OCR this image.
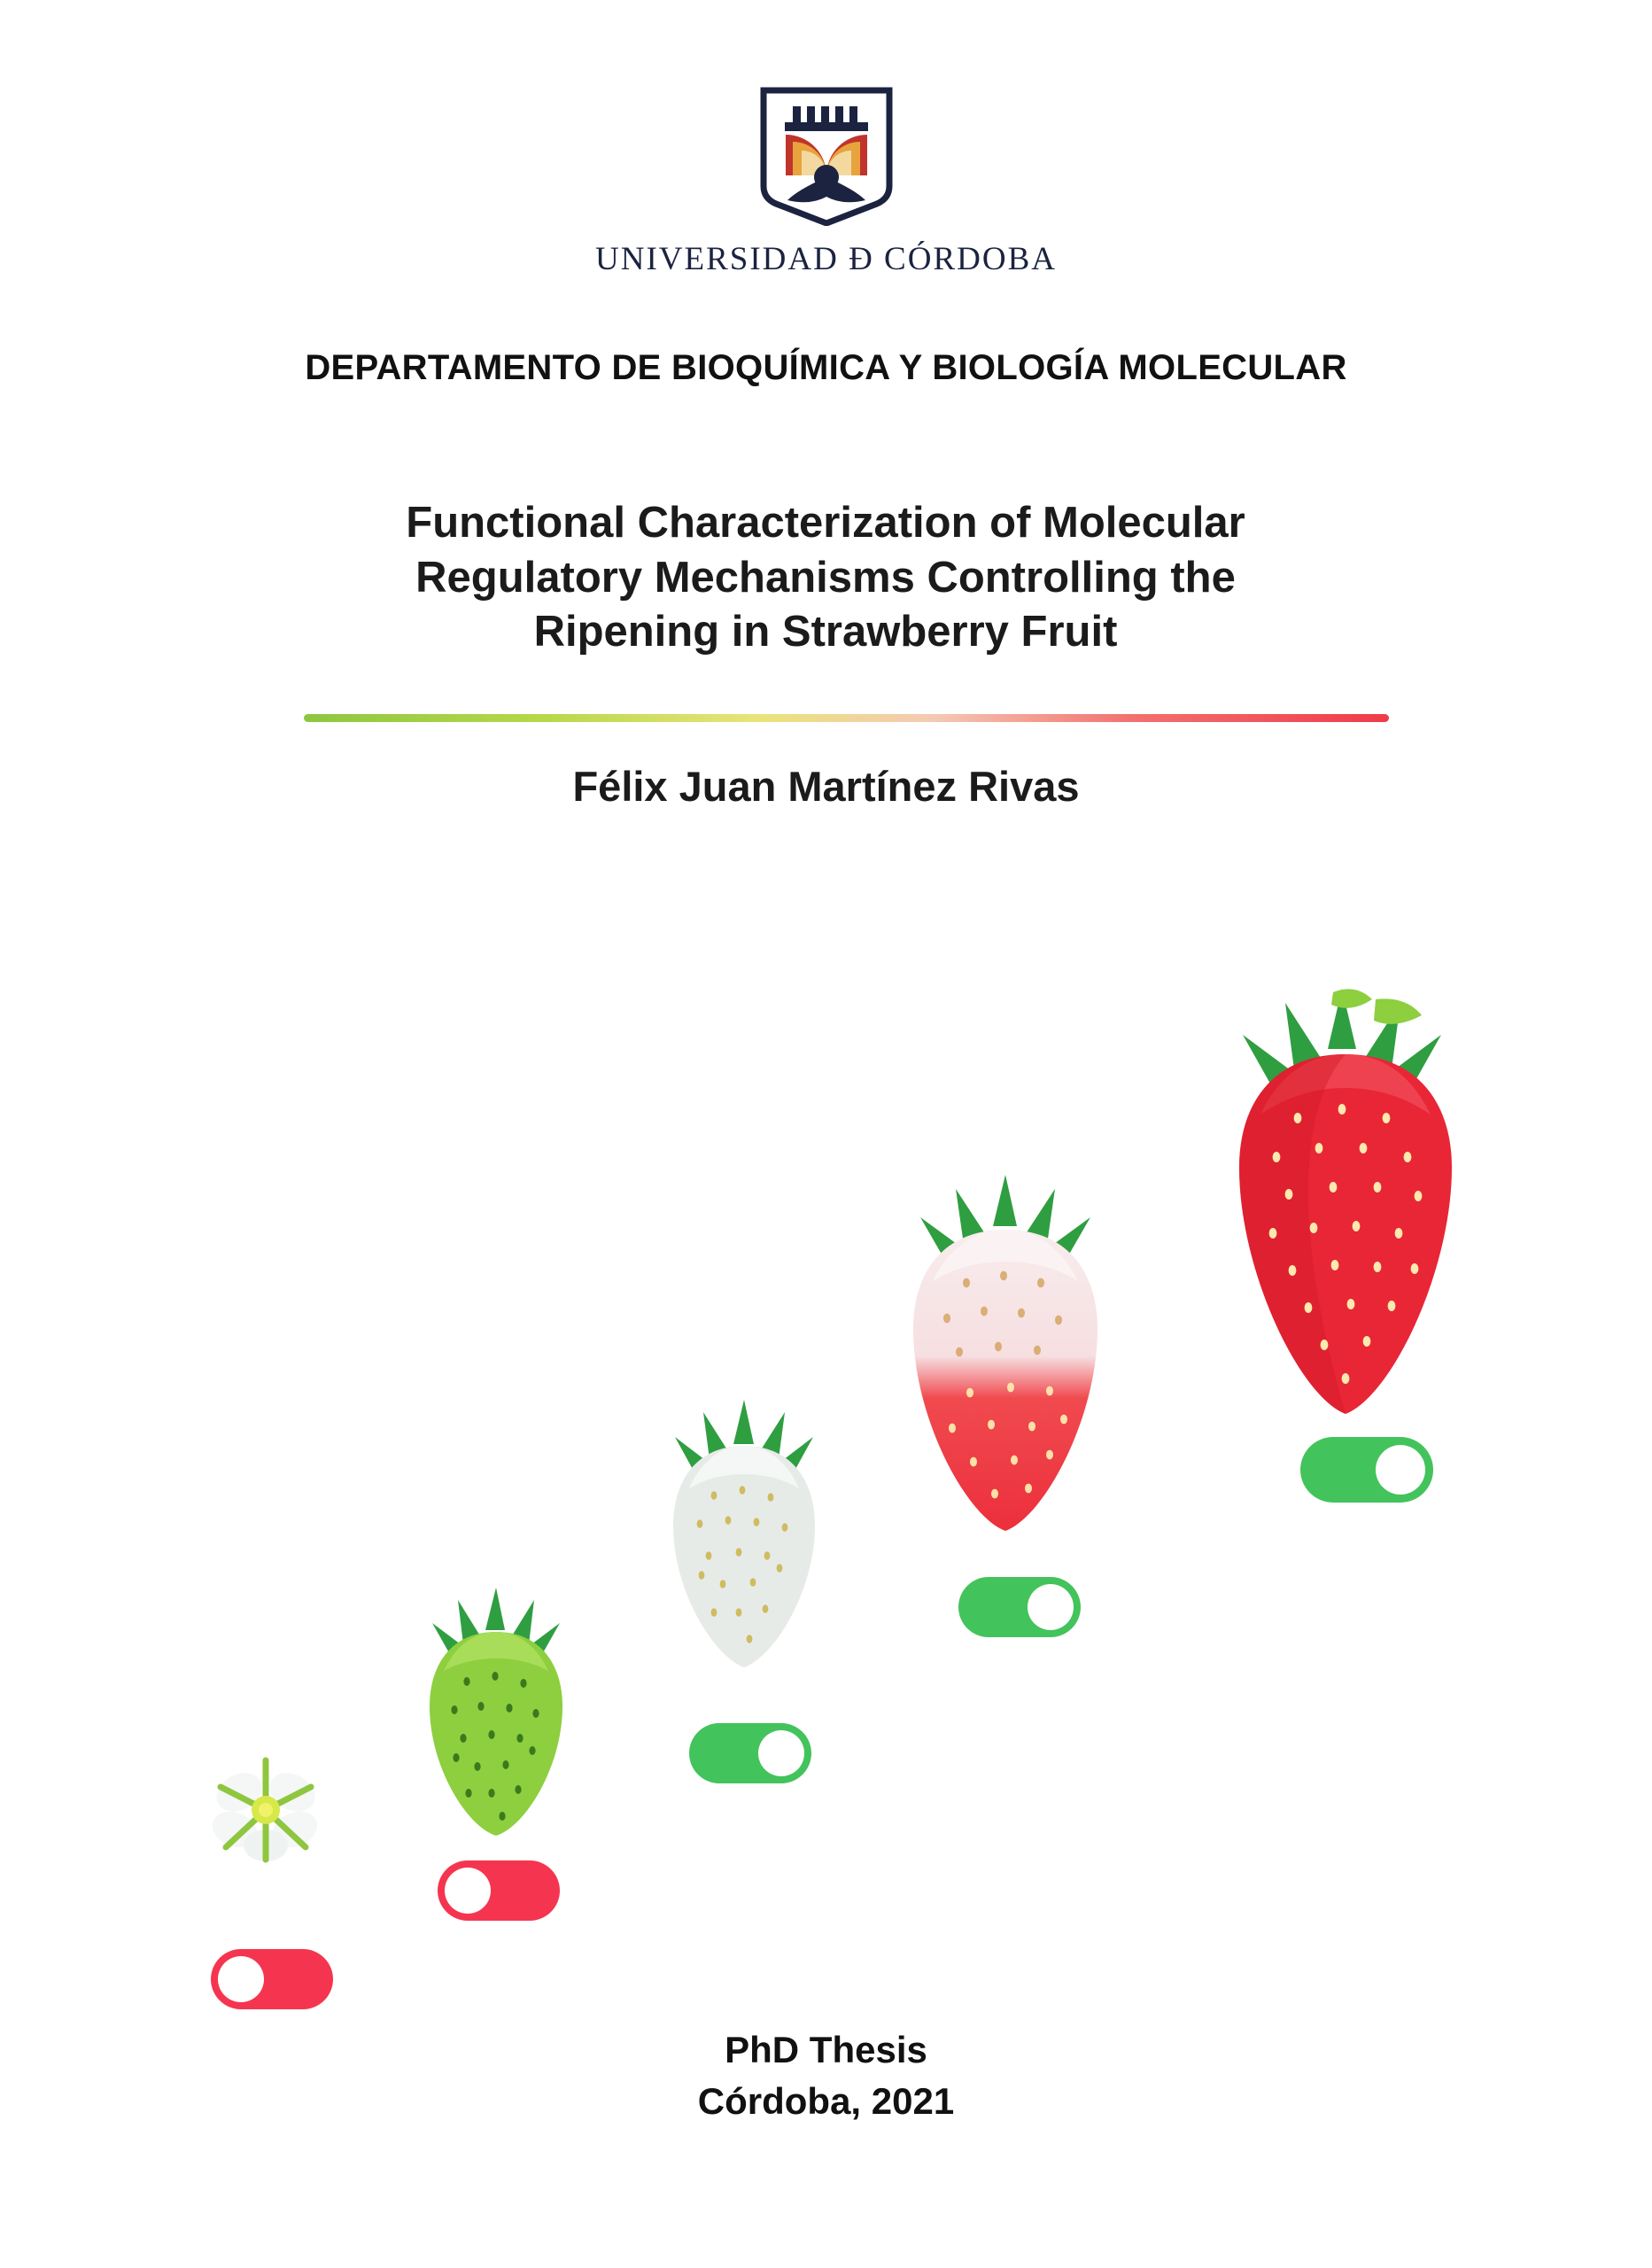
UNIVERSIDAD Ð CÓRDOBA
DEPARTAMENTO DE BIOQUÍMICA Y BIOLOGÍA MOLECULAR
Functional Characterization of Molecular
Regulatory Mechanisms Controlling the
Ripening in Strawberry Fruit
Félix Juan Martínez Rivas
PhD Thesis
Córdoba, 2021
